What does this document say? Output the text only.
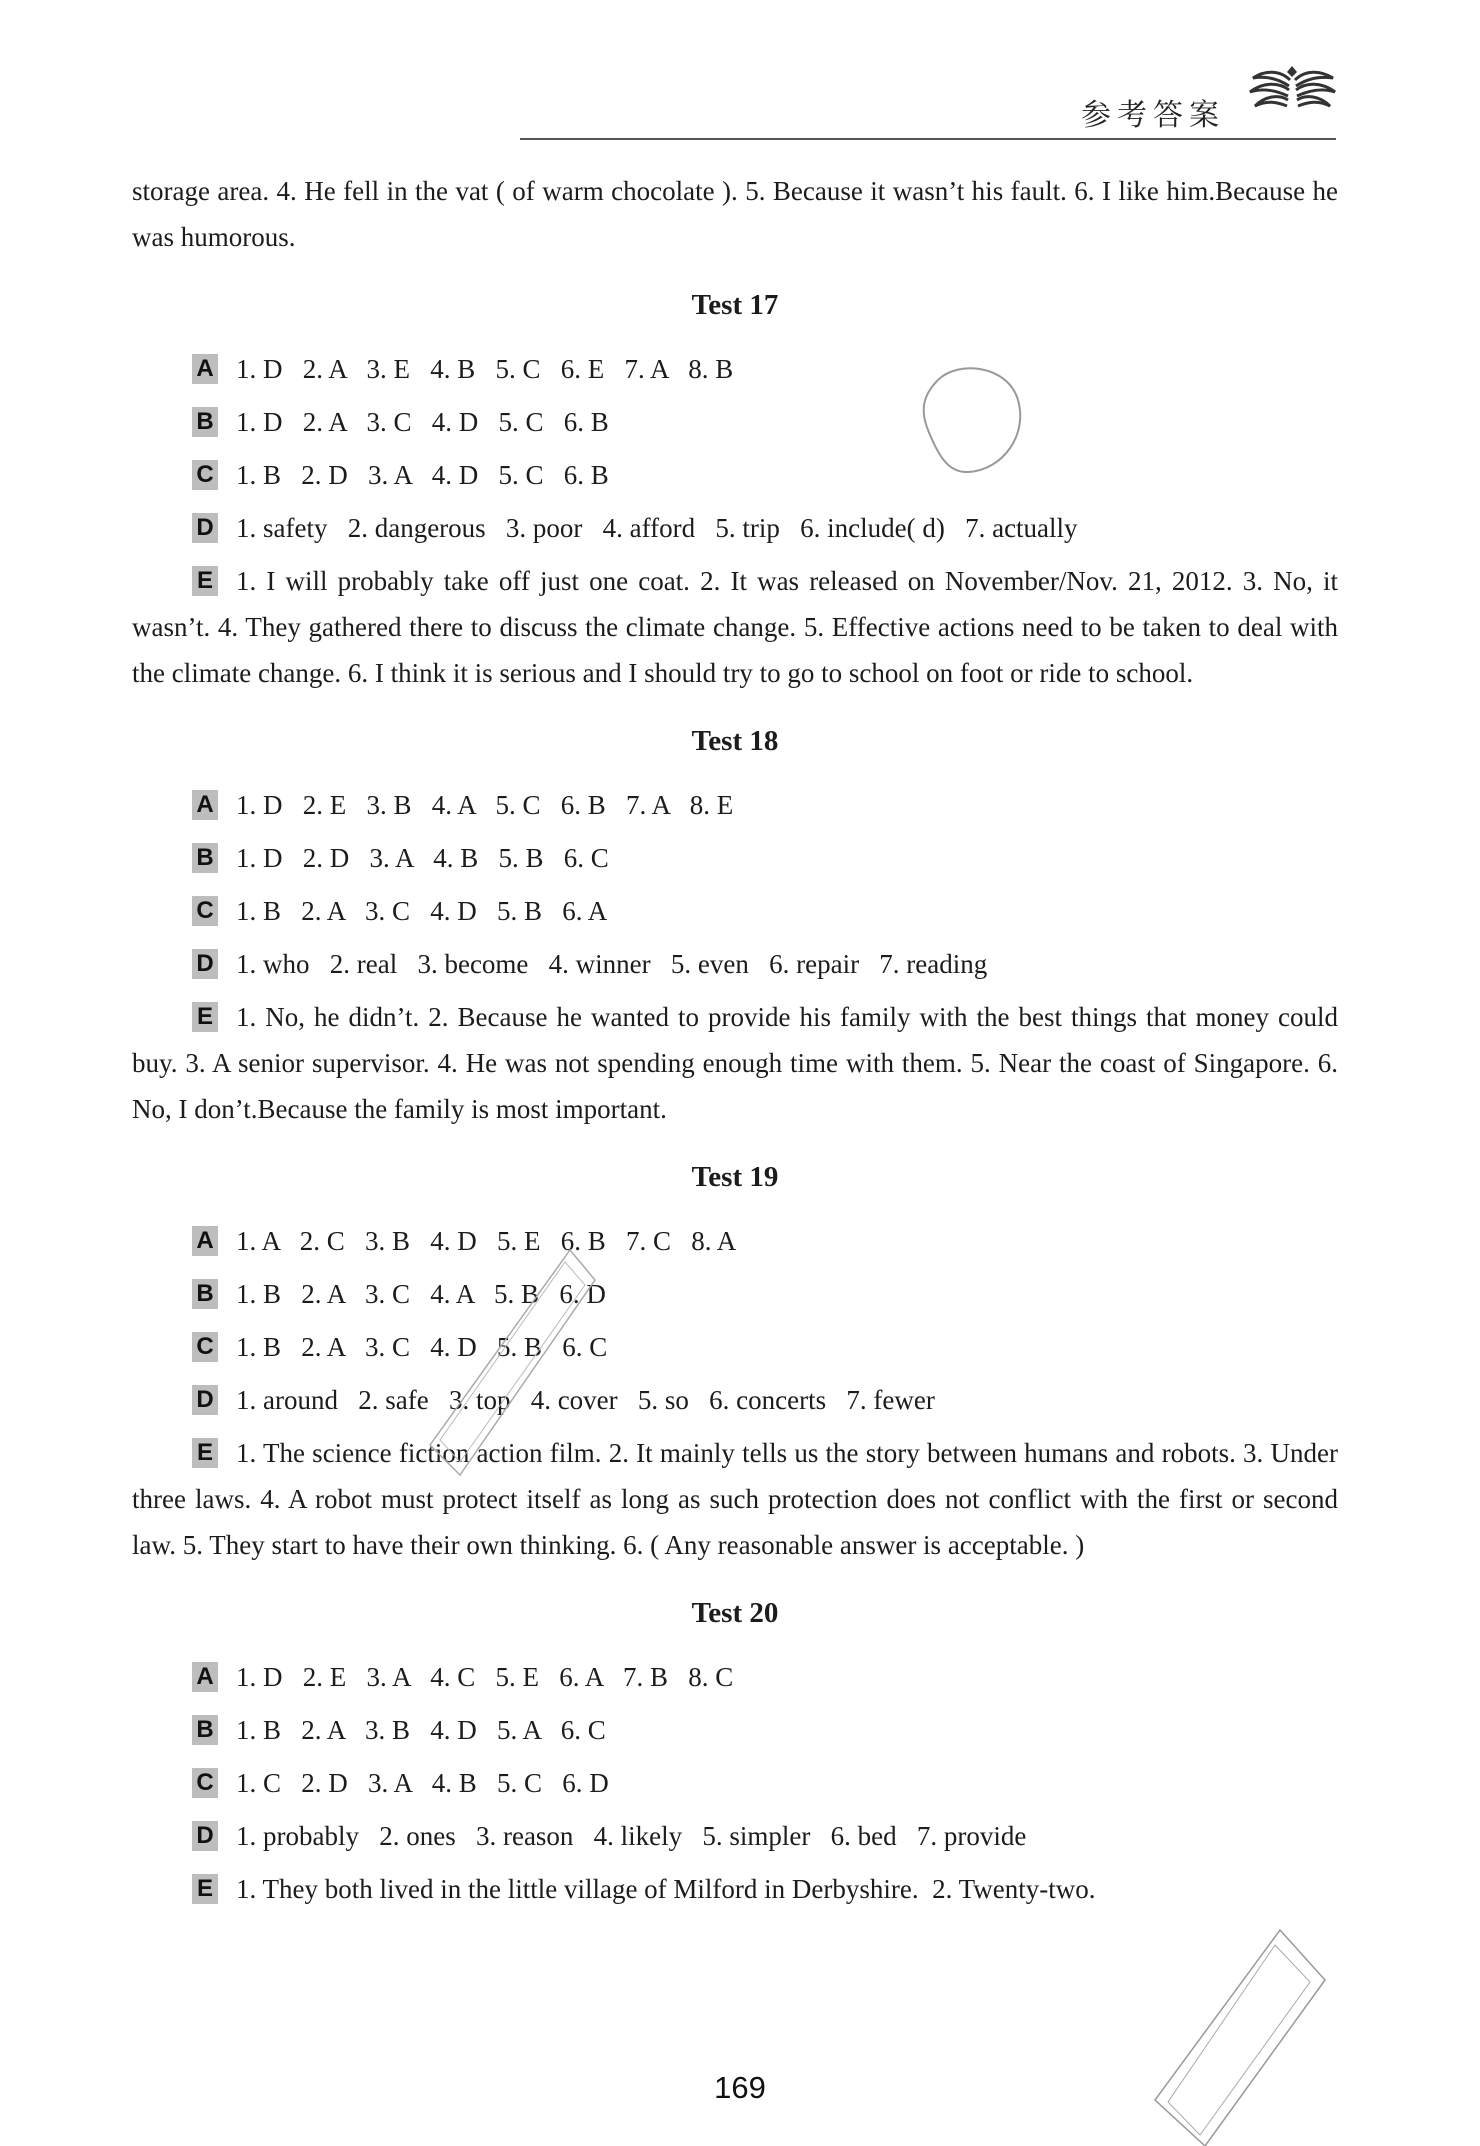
参考答案

storage area. 4. He fell in the vat ( of warm chocolate ). 5. Because it wasn’t his fault. 6. I like him.Because he was humorous.

Test 17
A 1. D   2. A   3. E   4. B   5. C   6. E   7. A   8. B
B 1. D   2. A   3. C   4. D   5. C   6. B
C 1. B   2. D   3. A   4. D   5. C   6. B
D 1. safety   2. dangerous   3. poor   4. afford   5. trip   6. include( d)   7. actually

E 1. I will probably take off just one coat. 2. It was released on November/Nov. 21, 2012. 3. No, it wasn’t. 4. They gathered there to discuss the climate change. 5. Effective actions need to be taken to deal with the climate change. 6. I think it is serious and I should try to go to school on foot or ride to school.

Test 18
A 1. D   2. E   3. B   4. A   5. C   6. B   7. A   8. E
B 1. D   2. D   3. A   4. B   5. B   6. C
C 1. B   2. A   3. C   4. D   5. B   6. A
D 1. who   2. real   3. become   4. winner   5. even   6. repair   7. reading

E 1. No, he didn’t. 2. Because he wanted to provide his family with the best things that money could buy. 3. A senior supervisor. 4. He was not spending enough time with them. 5. Near the coast of Singapore. 6. No, I don’t.Because the family is most important.

Test 19
A 1. A   2. C   3. B   4. D   5. E   6. B   7. C   8. A
B 1. B   2. A   3. C   4. A   5. B   6. D
C 1. B   2. A   3. C   4. D   5. B   6. C
D 1. around   2. safe   3. top   4. cover   5. so   6. concerts   7. fewer

E 1. The science fiction action film. 2. It mainly tells us the story between humans and robots. 3. Under three laws. 4. A robot must protect itself as long as such protection does not conflict with the first or second law. 5. They start to have their own thinking. 6. ( Any reasonable answer is acceptable. )

Test 20
A 1. D   2. E   3. A   4. C   5. E   6. A   7. B   8. C
B 1. B   2. A   3. B   4. D   5. A   6. C
C 1. C   2. D   3. A   4. B   5. C   6. D
D 1. probably   2. ones   3. reason   4. likely   5. simpler   6. bed   7. provide
E 1. They both lived in the little village of Milford in Derbyshire.  2. Twenty-two.
169
